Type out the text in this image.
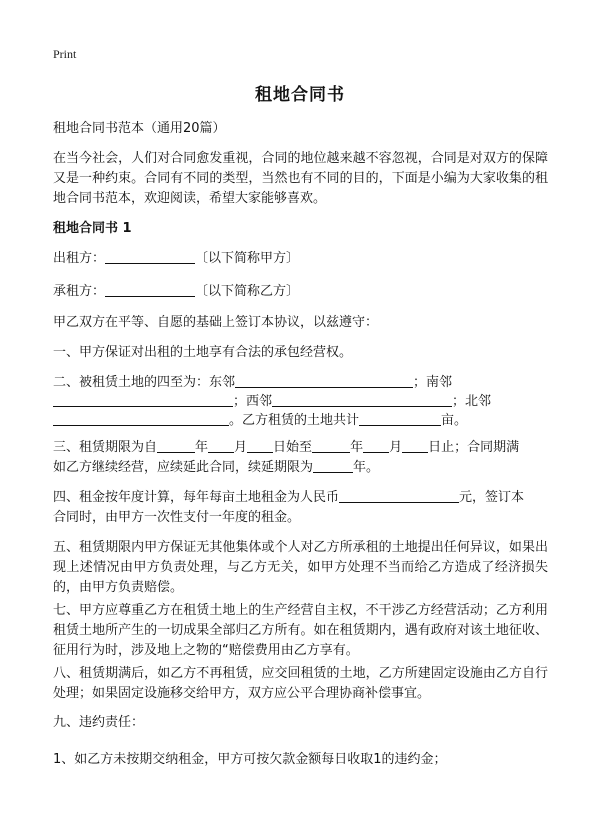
Print
租地合同书
租地合同书范本（通用20篇）
在当今社会，人们对合同愈发重视，合同的地位越来越不容忽视，合同是对双方的保障又是一种约束。合同有不同的类型，当然也有不同的目的，下面是小编为大家收集的租地合同书范本，欢迎阅读，希望大家能够喜欢。
租地合同书 1
出租方：	〔以下简称甲方〕
承租方：	〔以下简称乙方〕
甲乙双方在平等、自愿的基础上签订本协议，以兹遵守：
一、甲方保证对出租的土地享有合法的承包经营权。
二、被租赁土地的四至为：东邻	；南邻
；西邻	；北邻
。乙方租赁的土地共计	亩。
三、租赁期限为自	年 月 日始至	年 月 日止；合同期满
如乙方继续经营，应续延此合同，续延期限为	年。
四、租金按年度计算，每年每亩土地租金为人民币	元，签订本
合同时，由甲方一次性支付一年度的租金。
五、租赁期限内甲方保证无其他集体或个人对乙方所承租的土地提出任何异议，如果出现上述情况由甲方负责处理，与乙方无关，如甲方处理不当而给乙方造成了经济损失的，由甲方负责赔偿。
七、甲方应尊重乙方在租赁土地上的生产经营自主权，不干涉乙方经营活动；乙方利用租赁土地所产生的一切成果全部归乙方所有。如在租赁期内，遇有政府对该土地征收、征用行为时，涉及地上之物的“赔偿费用由乙方享有。
八、租赁期满后，如乙方不再租赁，应交回租赁的土地，乙方所建固定设施由乙方自行处理；如果固定设施移交给甲方，双方应公平合理协商补偿事宜。
九、违约责任：
1、如乙方未按期交纳租金，甲方可按欠款金额每日收取1的违约金；
